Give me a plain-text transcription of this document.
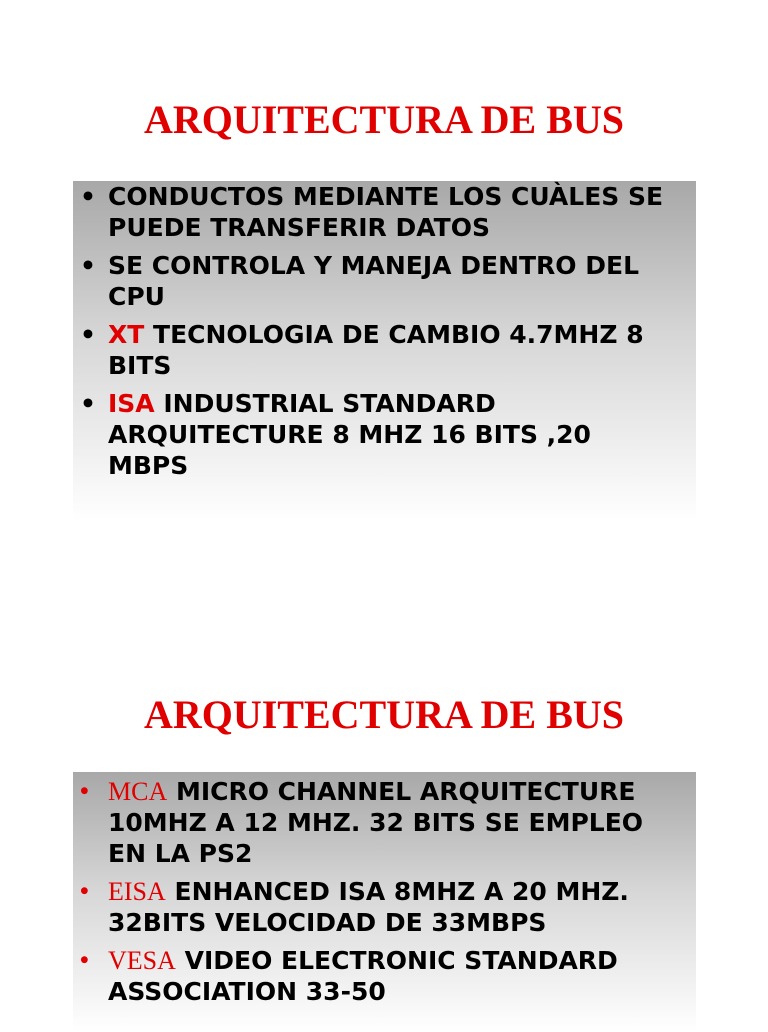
ARQUITECTURA DE BUS
• CONDUCTOS MEDIANTE LOS CUÀLES SE PUEDE TRANSFERIR DATOS
• SE CONTROLA Y MANEJA DENTRO DEL CPU
• XT TECNOLOGIA DE CAMBIO 4.7MHZ 8 BITS
• ISA INDUSTRIAL STANDARD ARQUITECTURE 8 MHZ 16 BITS ,20 MBPS
ARQUITECTURA DE BUS
• MCA MICRO CHANNEL ARQUITECTURE 10MHZ A 12 MHZ. 32 BITS SE EMPLEO EN LA PS2
• EISA ENHANCED ISA 8MHZ A 20 MHZ. 32BITS VELOCIDAD DE 33MBPS
• VESA VIDEO ELECTRONIC STANDARD ASSOCIATION 33-50
